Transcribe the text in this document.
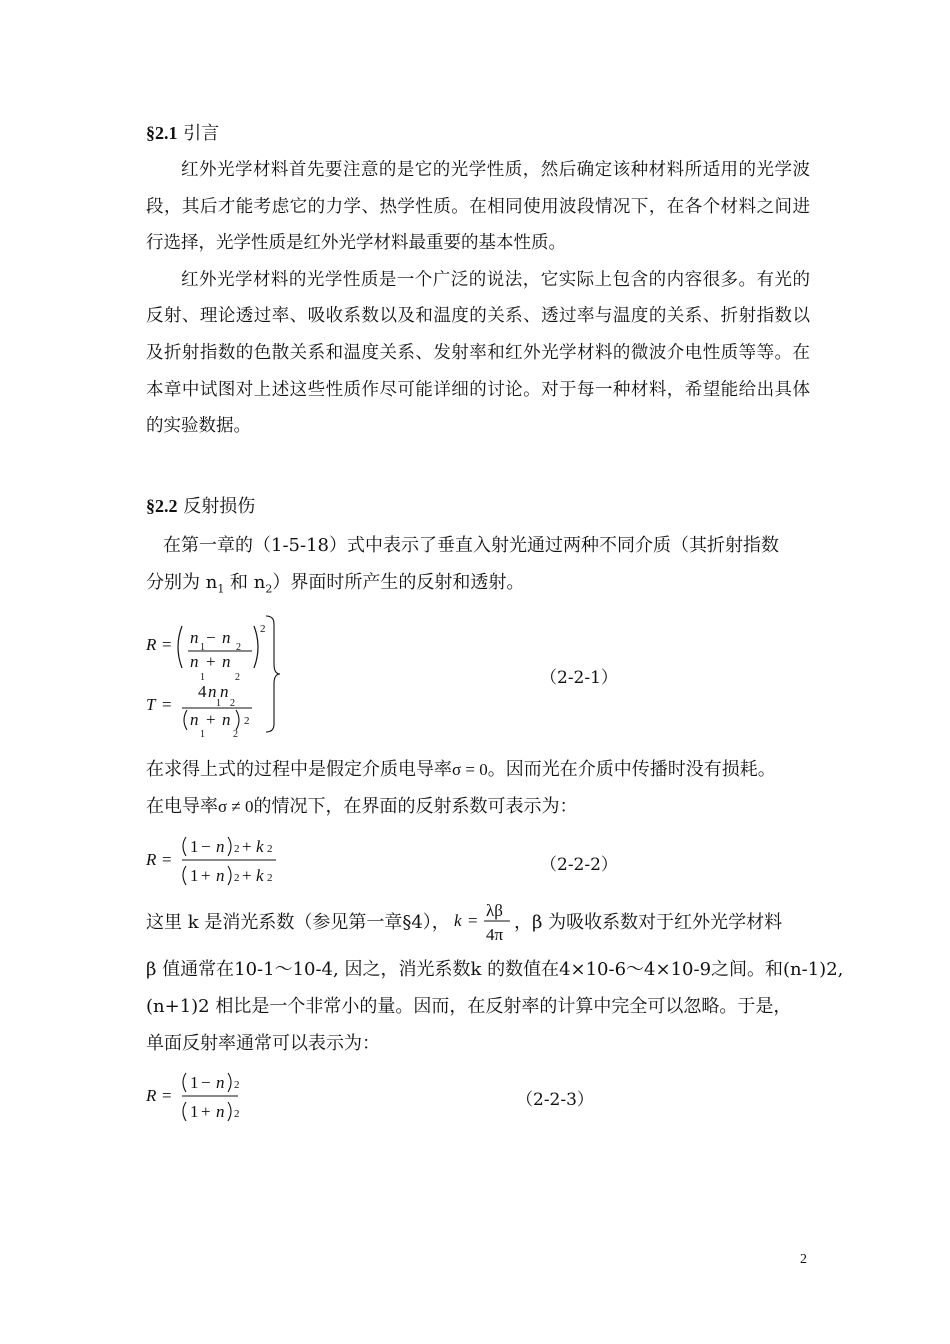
§2.1 引言

红外光学材料首先要注意的是它的光学性质，然后确定该种材料所适用的光学波段，其后才能考虑它的力学、热学性质。在相同使用波段情况下，在各个材料之间进行选择，光学性质是红外光学材料最重要的基本性质。

红外光学材料的光学性质是一个广泛的说法，它实际上包含的内容很多。有光的反射、理论透过率、吸收系数以及和温度的关系、透过率与温度的关系、折射指数以及折射指数的色散关系和温度关系、发射率和红外光学材料的微波介电性质等等。在本章中试图对上述这些性质作尽可能详细的讨论。对于每一种材料，希望能给出具体的实验数据。

§2.2 反射损伤
在第一章的（1-5-18）式中表示了垂直入射光通过两种不同介质（其折射指数
分别为 $n_1$ 和 $n_2$）界面时所产生的反射和透射。
R = n − n
1	2
n + n
1	2
2
T =
4 n n
1 2
n + n 2
1	2
（2-2-1）
在求得上式的过程中是假定介质电导率σ = 0。因而光在介质中传播时没有损耗。
在电导率σ ≠ 0的情况下，在界面的反射系数可表示为：
R =
1 − n 2 + k 2
1 + n 2 + k 2
（2-2-2）
这里 k 是消光系数（参见第一章§4）， k =
λβ
4π
，β 为吸收系数对于红外光学材料
β 值通常在10-1～10-4, 因之，消光系数k 的数值在4×10-6～4×10-9之间。和(n-1)2,
(n+1)2 相比是一个非常小的量。因而，在反射率的计算中完全可以忽略。于是，
单面反射率通常可以表示为：
R =
1 − n 2
1 + n 2
（2-2-3）
2
